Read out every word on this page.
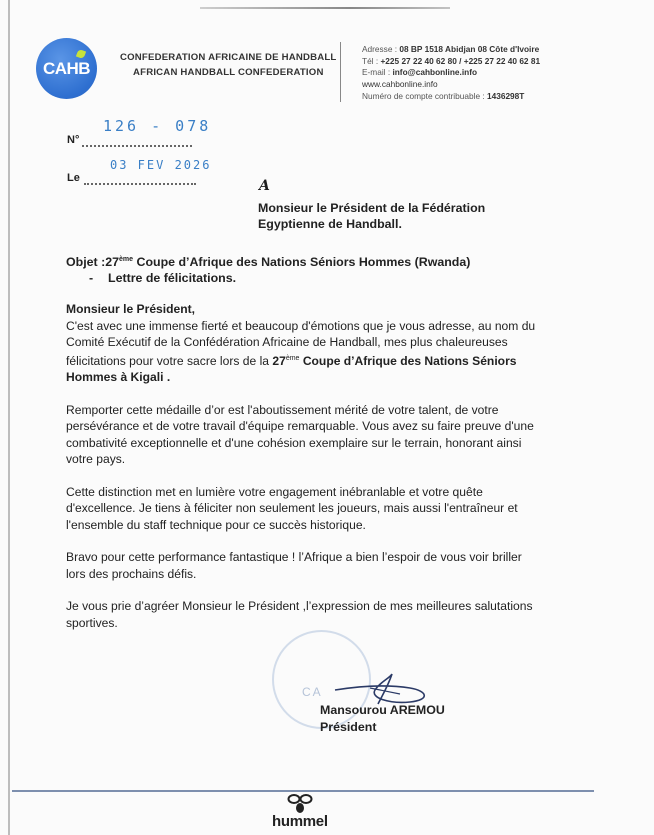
CAHB
CONFEDERATION AFRICAINE DE HANDBALL
AFRICAN HANDBALL CONFEDERATION
Adresse : 08 BP 1518 Abidjan 08 Côte d'Ivoire
Tél : +225 27 22 40 62 80 / +225 27 22 40 62 81
E-mail : info@cahbonline.info
www.cahbonline.info
Numéro de compte contribuable : 1436298T
126 - 078
N°
03 FEV 2026
Le	A
Monsieur le Président de la Fédération
Egyptienne de Handball.
Objet :27ème Coupe d’Afrique des Nations Séniors Hommes (Rwanda)
- Lettre de félicitations.

Monsieur le Président,

C'est avec une immense fierté et beaucoup d'émotions que je vous adresse, au nom du Comité Exécutif de la Confédération Africaine de Handball, mes plus chaleureuses félicitations pour votre sacre lors de la 27ème Coupe d’Afrique des Nations Séniors Hommes à Kigali .

Remporter cette médaille d’or est l'aboutissement mérité de votre talent, de votre persévérance et de votre travail d'équipe remarquable. Vous avez su faire preuve d'une combativité exceptionnelle et d'une cohésion exemplaire sur le terrain, honorant ainsi votre pays.

Cette distinction met en lumière votre engagement inébranlable et votre quête d'excellence. Je tiens à féliciter non seulement les joueurs, mais aussi l'entraîneur et l'ensemble du staff technique pour ce succès historique.

Bravo pour cette performance fantastique ! l’Afrique a bien l’espoir de vous voir briller lors des prochains défis.

Je vous prie d’agréer Monsieur le Président ,l’expression de mes meilleures salutations sportives.

CA
Mansourou AREMOU
Président
hummel
